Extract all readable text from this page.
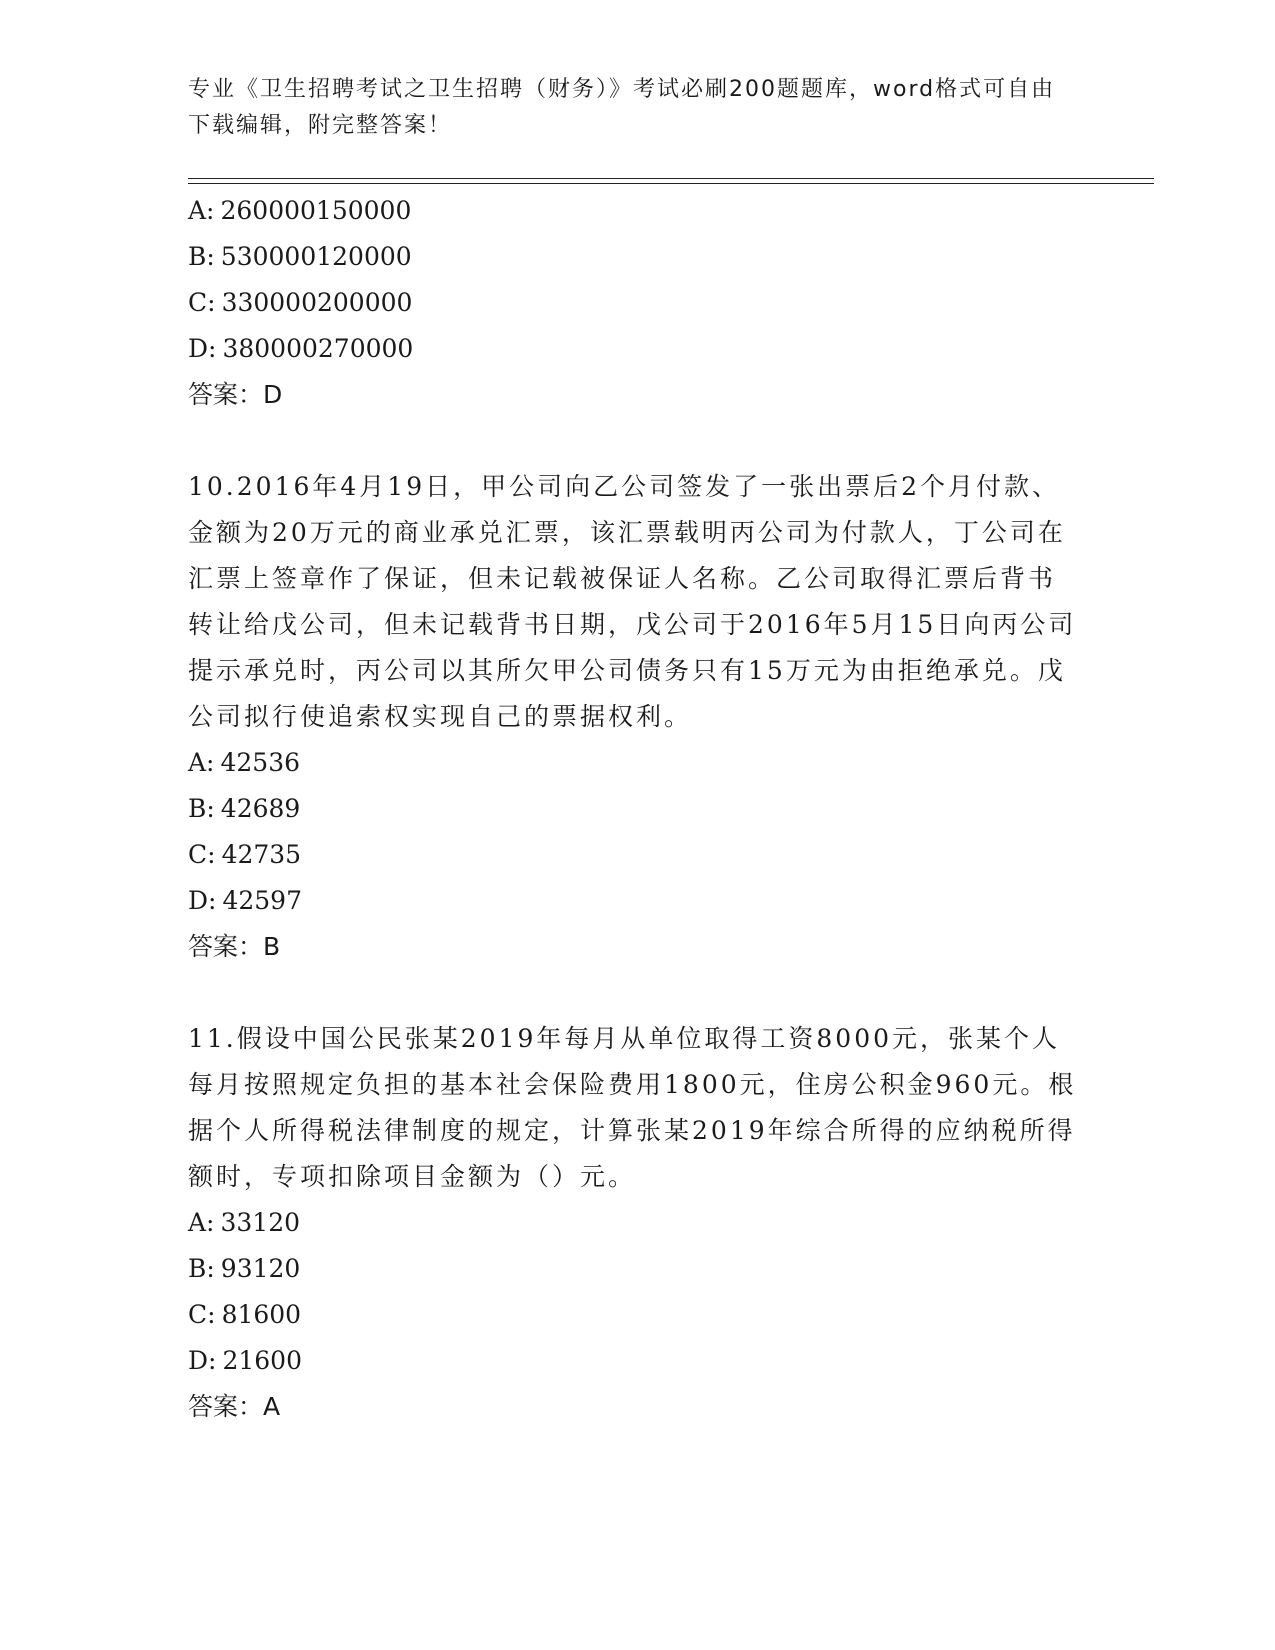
专业《卫生招聘考试之卫生招聘（财务）》考试必刷200题题库，word格式可自由下载编辑，附完整答案！
A: 260000150000
B: 530000120000
C: 330000200000
D: 380000270000
答案：D
10.2016年4月19日，甲公司向乙公司签发了一张出票后2个月付款、金额为20万元的商业承兑汇票，该汇票载明丙公司为付款人，丁公司在汇票上签章作了保证，但未记载被保证人名称。乙公司取得汇票后背书转让给戊公司，但未记载背书日期，戊公司于2016年5月15日向丙公司提示承兑时，丙公司以其所欠甲公司债务只有15万元为由拒绝承兑。戊公司拟行使追索权实现自己的票据权利。
A: 42536
B: 42689
C: 42735
D: 42597
答案：B
11.假设中国公民张某2019年每月从单位取得工资8000元，张某个人每月按照规定负担的基本社会保险费用1800元，住房公积金960元。根据个人所得税法律制度的规定，计算张某2019年综合所得的应纳税所得额时，专项扣除项目金额为（）元。
A: 33120
B: 93120
C: 81600
D: 21600
答案：A
